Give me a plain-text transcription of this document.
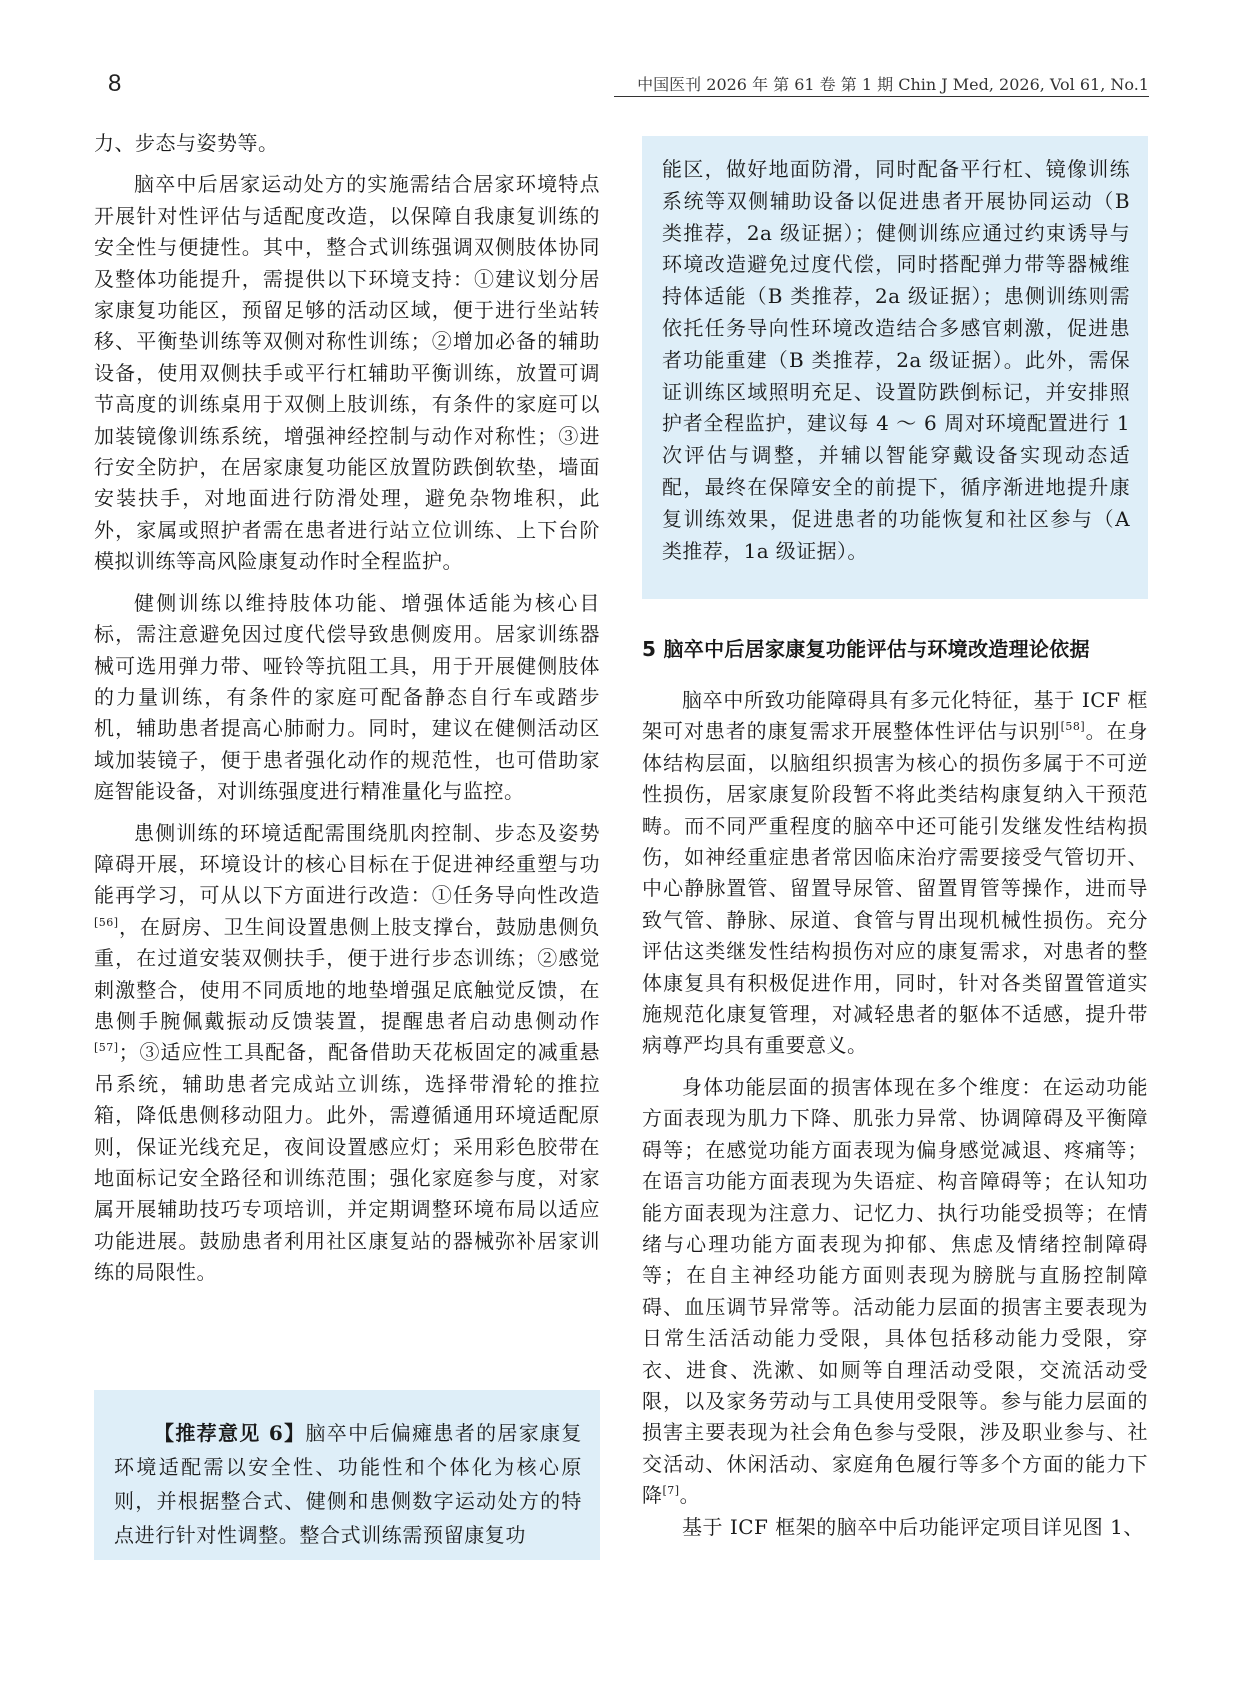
8	中国医刊 2026 年 第 61 卷 第 1 期 Chin J Med, 2026, Vol 61, No.1

力、步态与姿势等。

脑卒中后居家运动处方的实施需结合居家环境特点开展针对性评估与适配度改造，以保障自我康复训练的安全性与便捷性。其中，整合式训练强调双侧肢体协同及整体功能提升，需提供以下环境支持：①建议划分居家康复功能区，预留足够的活动区域，便于进行坐站转移、平衡垫训练等双侧对称性训练；②增加必备的辅助设备，使用双侧扶手或平行杠辅助平衡训练，放置可调节高度的训练桌用于双侧上肢训练，有条件的家庭可以加装镜像训练系统，增强神经控制与动作对称性；③进行安全防护，在居家康复功能区放置防跌倒软垫，墙面安装扶手，对地面进行防滑处理，避免杂物堆积，此外，家属或照护者需在患者进行站立位训练、上下台阶模拟训练等高风险康复动作时全程监护。

健侧训练以维持肢体功能、增强体适能为核心目标，需注意避免因过度代偿导致患侧废用。居家训练器械可选用弹力带、哑铃等抗阻工具，用于开展健侧肢体的力量训练，有条件的家庭可配备静态自行车或踏步机，辅助患者提高心肺耐力。同时，建议在健侧活动区域加装镜子，便于患者强化动作的规范性，也可借助家庭智能设备，对训练强度进行精准量化与监控。

患侧训练的环境适配需围绕肌肉控制、步态及姿势障碍开展，环境设计的核心目标在于促进神经重塑与功能再学习，可从以下方面进行改造：①任务导向性改造[56]，在厨房、卫生间设置患侧上肢支撑台，鼓励患侧负重，在过道安装双侧扶手，便于进行步态训练；②感觉刺激整合，使用不同质地的地垫增强足底触觉反馈，在患侧手腕佩戴振动反馈装置，提醒患者启动患侧动作[57]；③适应性工具配备，配备借助天花板固定的减重悬吊系统，辅助患者完成站立训练，选择带滑轮的推拉箱，降低患侧移动阻力。此外，需遵循通用环境适配原则，保证光线充足，夜间设置感应灯；采用彩色胶带在地面标记安全路径和训练范围；强化家庭参与度，对家属开展辅助技巧专项培训，并定期调整环境布局以适应功能进展。鼓励患者利用社区康复站的器械弥补居家训练的局限性。

【推荐意见 6】脑卒中后偏瘫患者的居家康复环境适配需以安全性、功能性和个体化为核心原则，并根据整合式、健侧和患侧数字运动处方的特点进行针对性调整。整合式训练需预留康复功

能区，做好地面防滑，同时配备平行杠、镜像训练系统等双侧辅助设备以促进患者开展协同运动（B 类推荐，2a 级证据）；健侧训练应通过约束诱导与环境改造避免过度代偿，同时搭配弹力带等器械维持体适能（B 类推荐，2a 级证据）；患侧训练则需依托任务导向性环境改造结合多感官刺激，促进患者功能重建（B 类推荐，2a 级证据）。此外，需保证训练区域照明充足、设置防跌倒标记，并安排照护者全程监护，建议每 4 ～ 6 周对环境配置进行 1 次评估与调整，并辅以智能穿戴设备实现动态适配，最终在保障安全的前提下，循序渐进地提升康复训练效果，促进患者的功能恢复和社区参与（A 类推荐，1a 级证据）。

5 脑卒中后居家康复功能评估与环境改造理论依据

脑卒中所致功能障碍具有多元化特征，基于 ICF 框架可对患者的康复需求开展整体性评估与识别[58]。在身体结构层面，以脑组织损害为核心的损伤多属于不可逆性损伤，居家康复阶段暂不将此类结构康复纳入干预范畴。而不同严重程度的脑卒中还可能引发继发性结构损伤，如神经重症患者常因临床治疗需要接受气管切开、中心静脉置管、留置导尿管、留置胃管等操作，进而导致气管、静脉、尿道、食管与胃出现机械性损伤。充分评估这类继发性结构损伤对应的康复需求，对患者的整体康复具有积极促进作用，同时，针对各类留置管道实施规范化康复管理，对减轻患者的躯体不适感，提升带病尊严均具有重要意义。

身体功能层面的损害体现在多个维度：在运动功能方面表现为肌力下降、肌张力异常、协调障碍及平衡障碍等；在感觉功能方面表现为偏身感觉减退、疼痛等；在语言功能方面表现为失语症、构音障碍等；在认知功能方面表现为注意力、记忆力、执行功能受损等；在情绪与心理功能方面表现为抑郁、焦虑及情绪控制障碍等；在自主神经功能方面则表现为膀胱与直肠控制障碍、血压调节异常等。活动能力层面的损害主要表现为日常生活活动能力受限，具体包括移动能力受限，穿衣、进食、洗漱、如厕等自理活动受限，交流活动受限，以及家务劳动与工具使用受限等。参与能力层面的损害主要表现为社会角色参与受限，涉及职业参与、社交活动、休闲活动、家庭角色履行等多个方面的能力下降[7]。

基于 ICF 框架的脑卒中后功能评定项目详见图 1、
